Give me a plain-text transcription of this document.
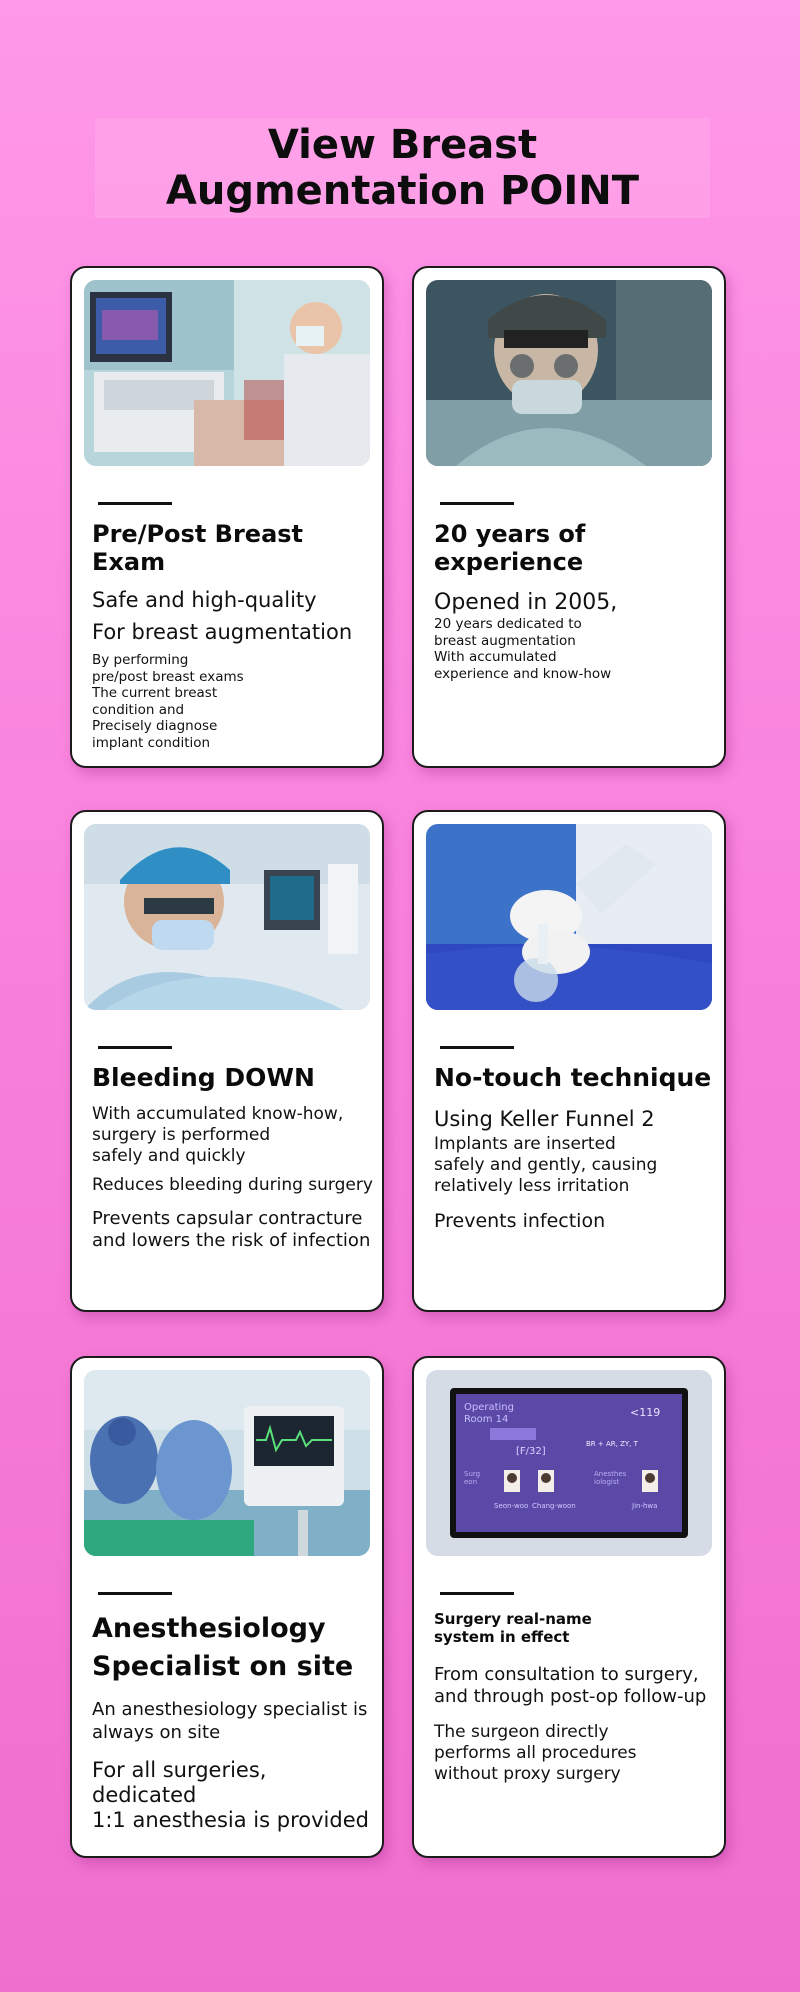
View Breast
Augmentation POINT
Pre/Post Breast Exam

Safe and high-quality
For breast augmentation

By performing
pre/post breast exams
The current breast
condition and
Precisely diagnose
implant condition

20 years of experience

Opened in 2005,

20 years dedicated to
breast augmentation
With accumulated
experience and know-how

Bleeding DOWN

With accumulated know-how,
surgery is performed
safely and quickly

Reduces bleeding during surgery

Prevents capsular contracture
and lowers the risk of infection

No-touch technique

Using Keller Funnel 2

Implants are inserted
safely and gently, causing
relatively less irritation

Prevents infection

Anesthesiology
Specialist on site

An anesthesiology specialist is
always on site

For all surgeries, dedicated
1:1 anesthesia is provided

Operating
Room 14
<119
[F/32]
BR + AR, ZY, T
Surg
eon
Anesthes
iologist
Seon-woo Chang-woon	Jin-hwa
Surgery real-name
system in effect

From consultation to surgery,
and through post-op follow-up

The surgeon directly
performs all procedures
without proxy surgery
